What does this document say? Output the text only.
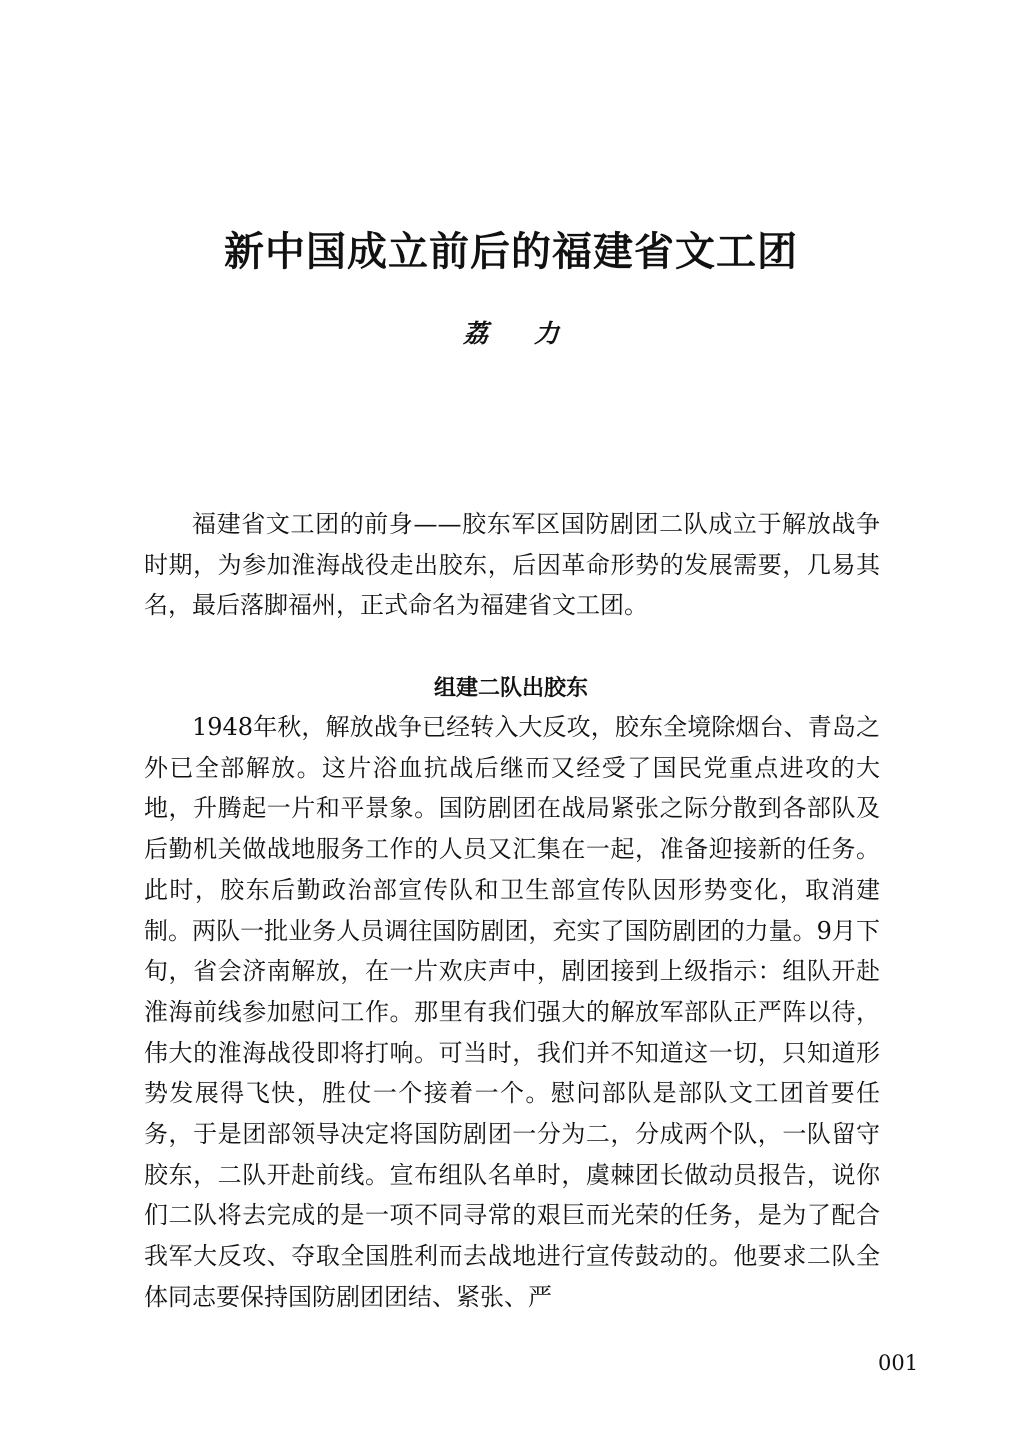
新中国成立前后的福建省文工团

荔 力

福建省文工团的前身——胶东军区国防剧团二队成立于解放战争时期，为参加淮海战役走出胶东，后因革命形势的发展需要，几易其名，最后落脚福州，正式命名为福建省文工团。

组建二队出胶东

1948年秋，解放战争已经转入大反攻，胶东全境除烟台、青岛之外已全部解放。这片浴血抗战后继而又经受了国民党重点进攻的大地，升腾起一片和平景象。国防剧团在战局紧张之际分散到各部队及后勤机关做战地服务工作的人员又汇集在一起，准备迎接新的任务。此时，胶东后勤政治部宣传队和卫生部宣传队因形势变化，取消建制。两队一批业务人员调往国防剧团，充实了国防剧团的力量。9月下旬，省会济南解放，在一片欢庆声中，剧团接到上级指示：组队开赴淮海前线参加慰问工作。那里有我们强大的解放军部队正严阵以待，伟大的淮海战役即将打响。可当时，我们并不知道这一切，只知道形势发展得飞快，胜仗一个接着一个。慰问部队是部队文工团首要任务，于是团部领导决定将国防剧团一分为二，分成两个队，一队留守胶东，二队开赴前线。宣布组队名单时，虞棘团长做动员报告，说你们二队将去完成的是一项不同寻常的艰巨而光荣的任务，是为了配合我军大反攻、夺取全国胜利而去战地进行宣传鼓动的。他要求二队全体同志要保持国防剧团团结、紧张、严

001
